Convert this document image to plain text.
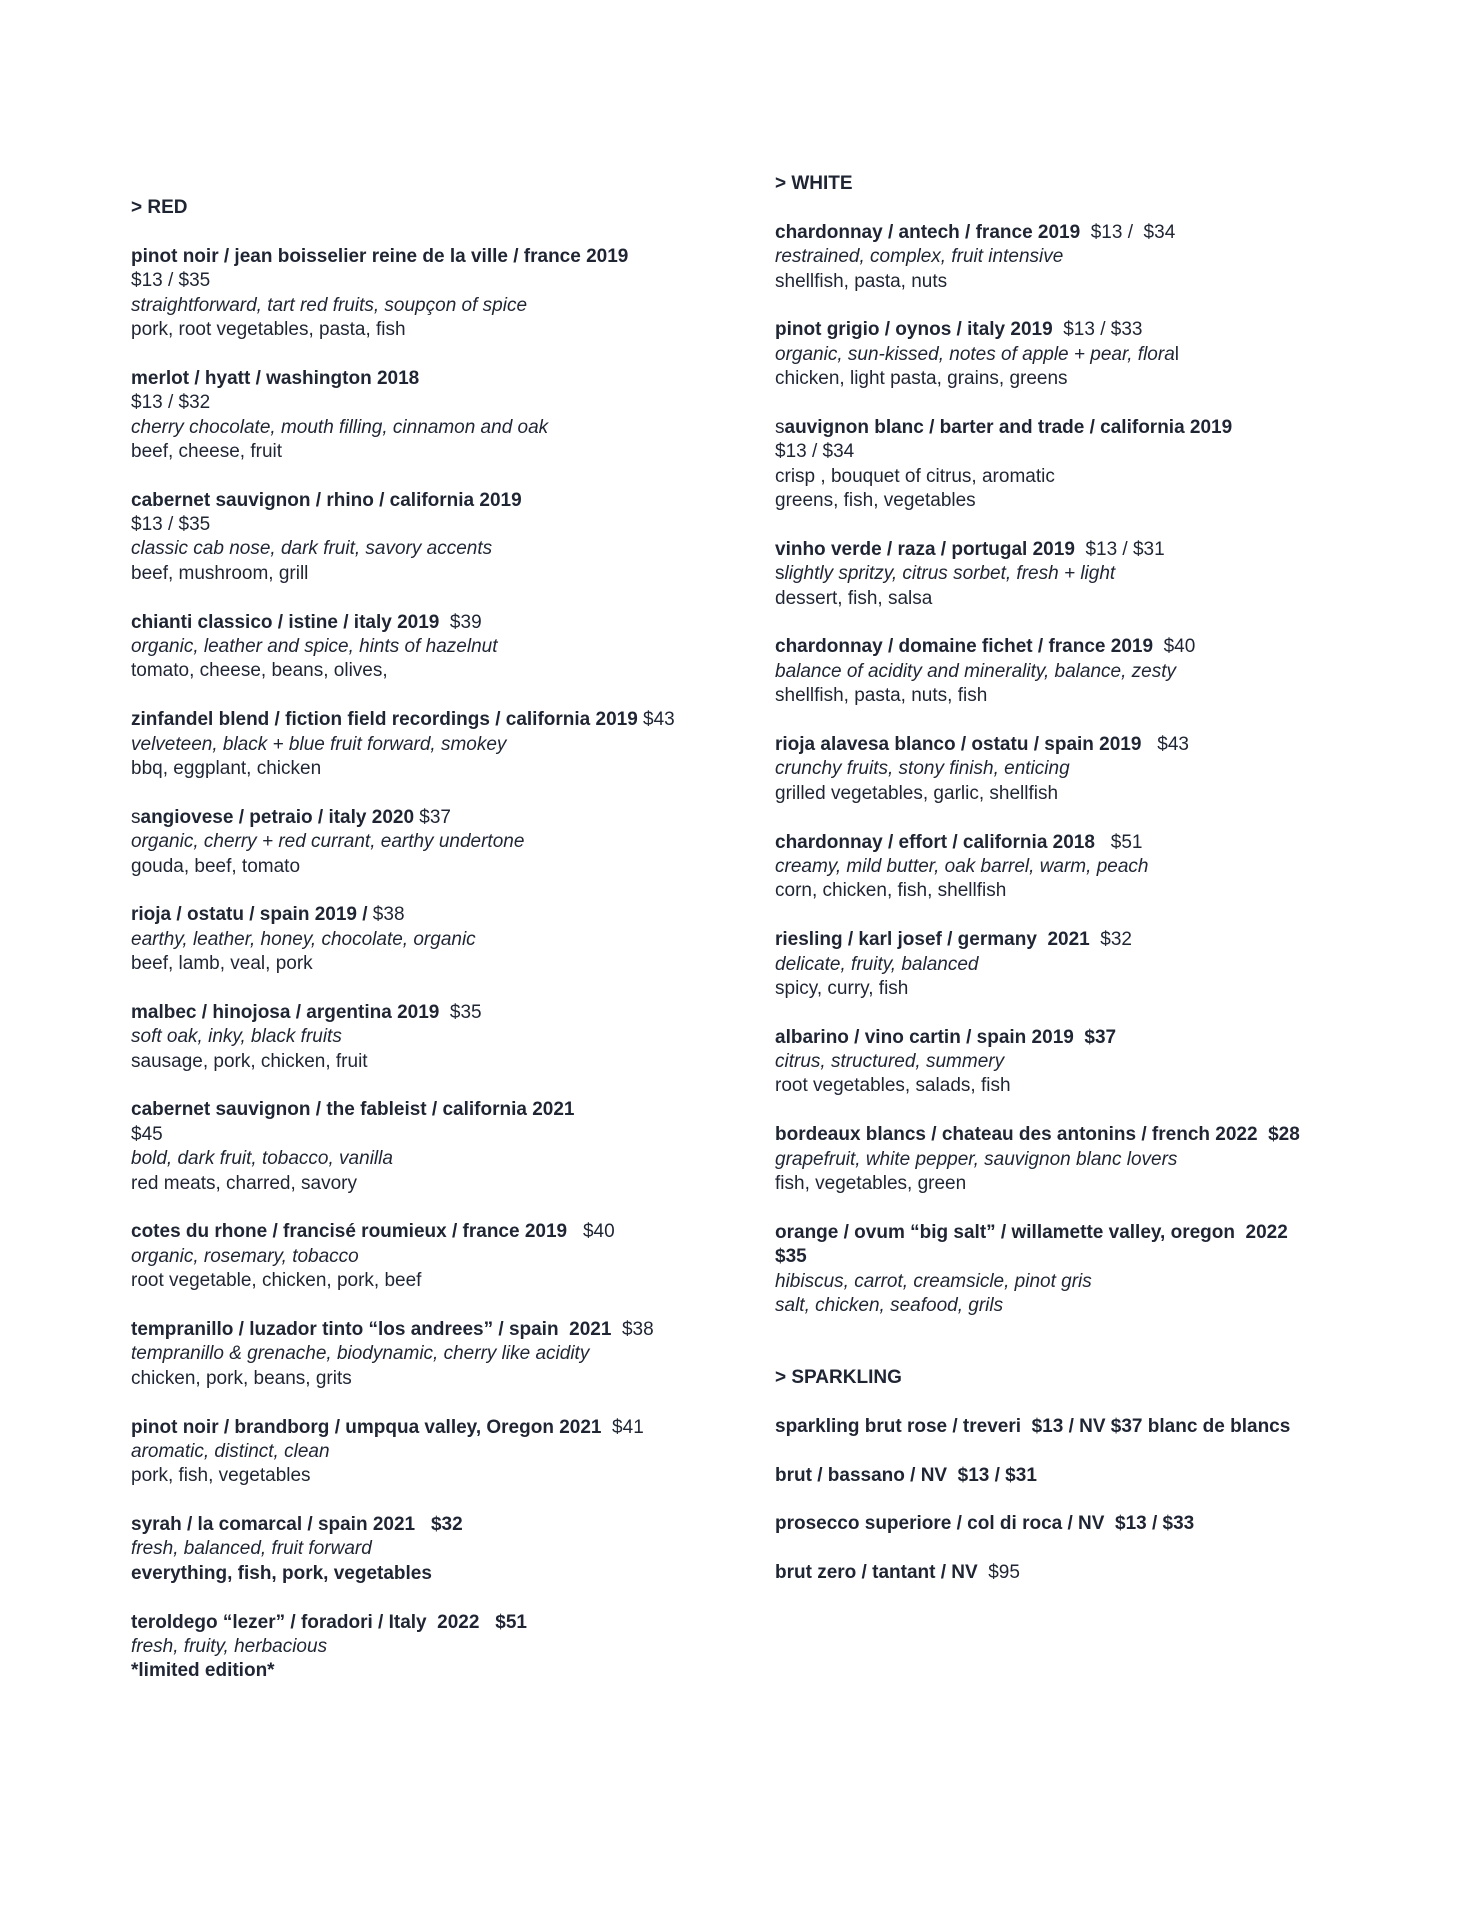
> RED
pinot noir / jean boisselier reine de la ville / france 2019
$13 / $35
straightforward, tart red fruits, soupçon of spice
pork, root vegetables, pasta, fish
merlot / hyatt / washington 2018
$13 / $32
cherry chocolate, mouth filling, cinnamon and oak
beef, cheese, fruit
cabernet sauvignon / rhino / california 2019
$13 / $35
classic cab nose, dark fruit, savory accents
beef, mushroom, grill
chianti classico / istine / italy 2019  $39
organic, leather and spice, hints of hazelnut
tomato, cheese, beans, olives,
zinfandel blend / fiction field recordings / california 2019 $43
velveteen, black + blue fruit forward, smokey
bbq, eggplant, chicken
sangiovese / petraio / italy 2020 $37
organic, cherry + red currant, earthy undertone
gouda, beef, tomato
rioja / ostatu / spain 2019 / $38
earthy, leather, honey, chocolate, organic
beef, lamb, veal, pork
malbec / hinojosa / argentina 2019  $35
soft oak, inky, black fruits
sausage, pork, chicken, fruit
cabernet sauvignon / the fableist / california 2021
$45
bold, dark fruit, tobacco, vanilla
red meats, charred, savory
cotes du rhone / francisé roumieux / france 2019   $40
organic, rosemary, tobacco
root vegetable, chicken, pork, beef
tempranillo / luzador tinto “los andrees” / spain  2021  $38
tempranillo & grenache, biodynamic, cherry like acidity
chicken, pork, beans, grits
pinot noir / brandborg / umpqua valley, Oregon 2021  $41
aromatic, distinct, clean
pork, fish, vegetables
syrah / la comarcal / spain 2021   $32
fresh, balanced, fruit forward
everything, fish, pork, vegetables
teroldego “lezer” / foradori / Italy  2022   $51
fresh, fruity, herbacious
*limited edition*
> WHITE
chardonnay / antech / france 2019  $13 /  $34
restrained, complex, fruit intensive
shellfish, pasta, nuts
pinot grigio / oynos / italy 2019  $13 / $33
organic, sun-kissed, notes of apple + pear, floral
chicken, light pasta, grains, greens
sauvignon blanc / barter and trade / california 2019
$13 / $34
crisp , bouquet of citrus, aromatic
greens, fish, vegetables
vinho verde / raza / portugal 2019  $13 / $31
slightly spritzy, citrus sorbet, fresh + light
dessert, fish, salsa
chardonnay / domaine fichet / france 2019  $40
balance of acidity and minerality, balance, zesty
shellfish, pasta, nuts, fish
rioja alavesa blanco / ostatu / spain 2019   $43
crunchy fruits, stony finish, enticing
grilled vegetables, garlic, shellfish
chardonnay / effort / california 2018   $51
creamy, mild butter, oak barrel, warm, peach
corn, chicken, fish, shellfish
riesling / karl josef / germany  2021  $32
delicate, fruity, balanced
spicy, curry, fish
albarino / vino cartin / spain 2019  $37
citrus, structured, summery
root vegetables, salads, fish
bordeaux blancs / chateau des antonins / french 2022  $28
grapefruit, white pepper, sauvignon blanc lovers
fish, vegetables, green
orange / ovum “big salt” / willamette valley, oregon  2022
$35
hibiscus, carrot, creamsicle, pinot gris
salt, chicken, seafood, grils
> SPARKLING
sparkling brut rose / treveri  $13 / NV $37 blanc de blancs
brut / bassano / NV  $13 / $31
prosecco superiore / col di roca / NV  $13 / $33
brut zero / tantant / NV  $95
